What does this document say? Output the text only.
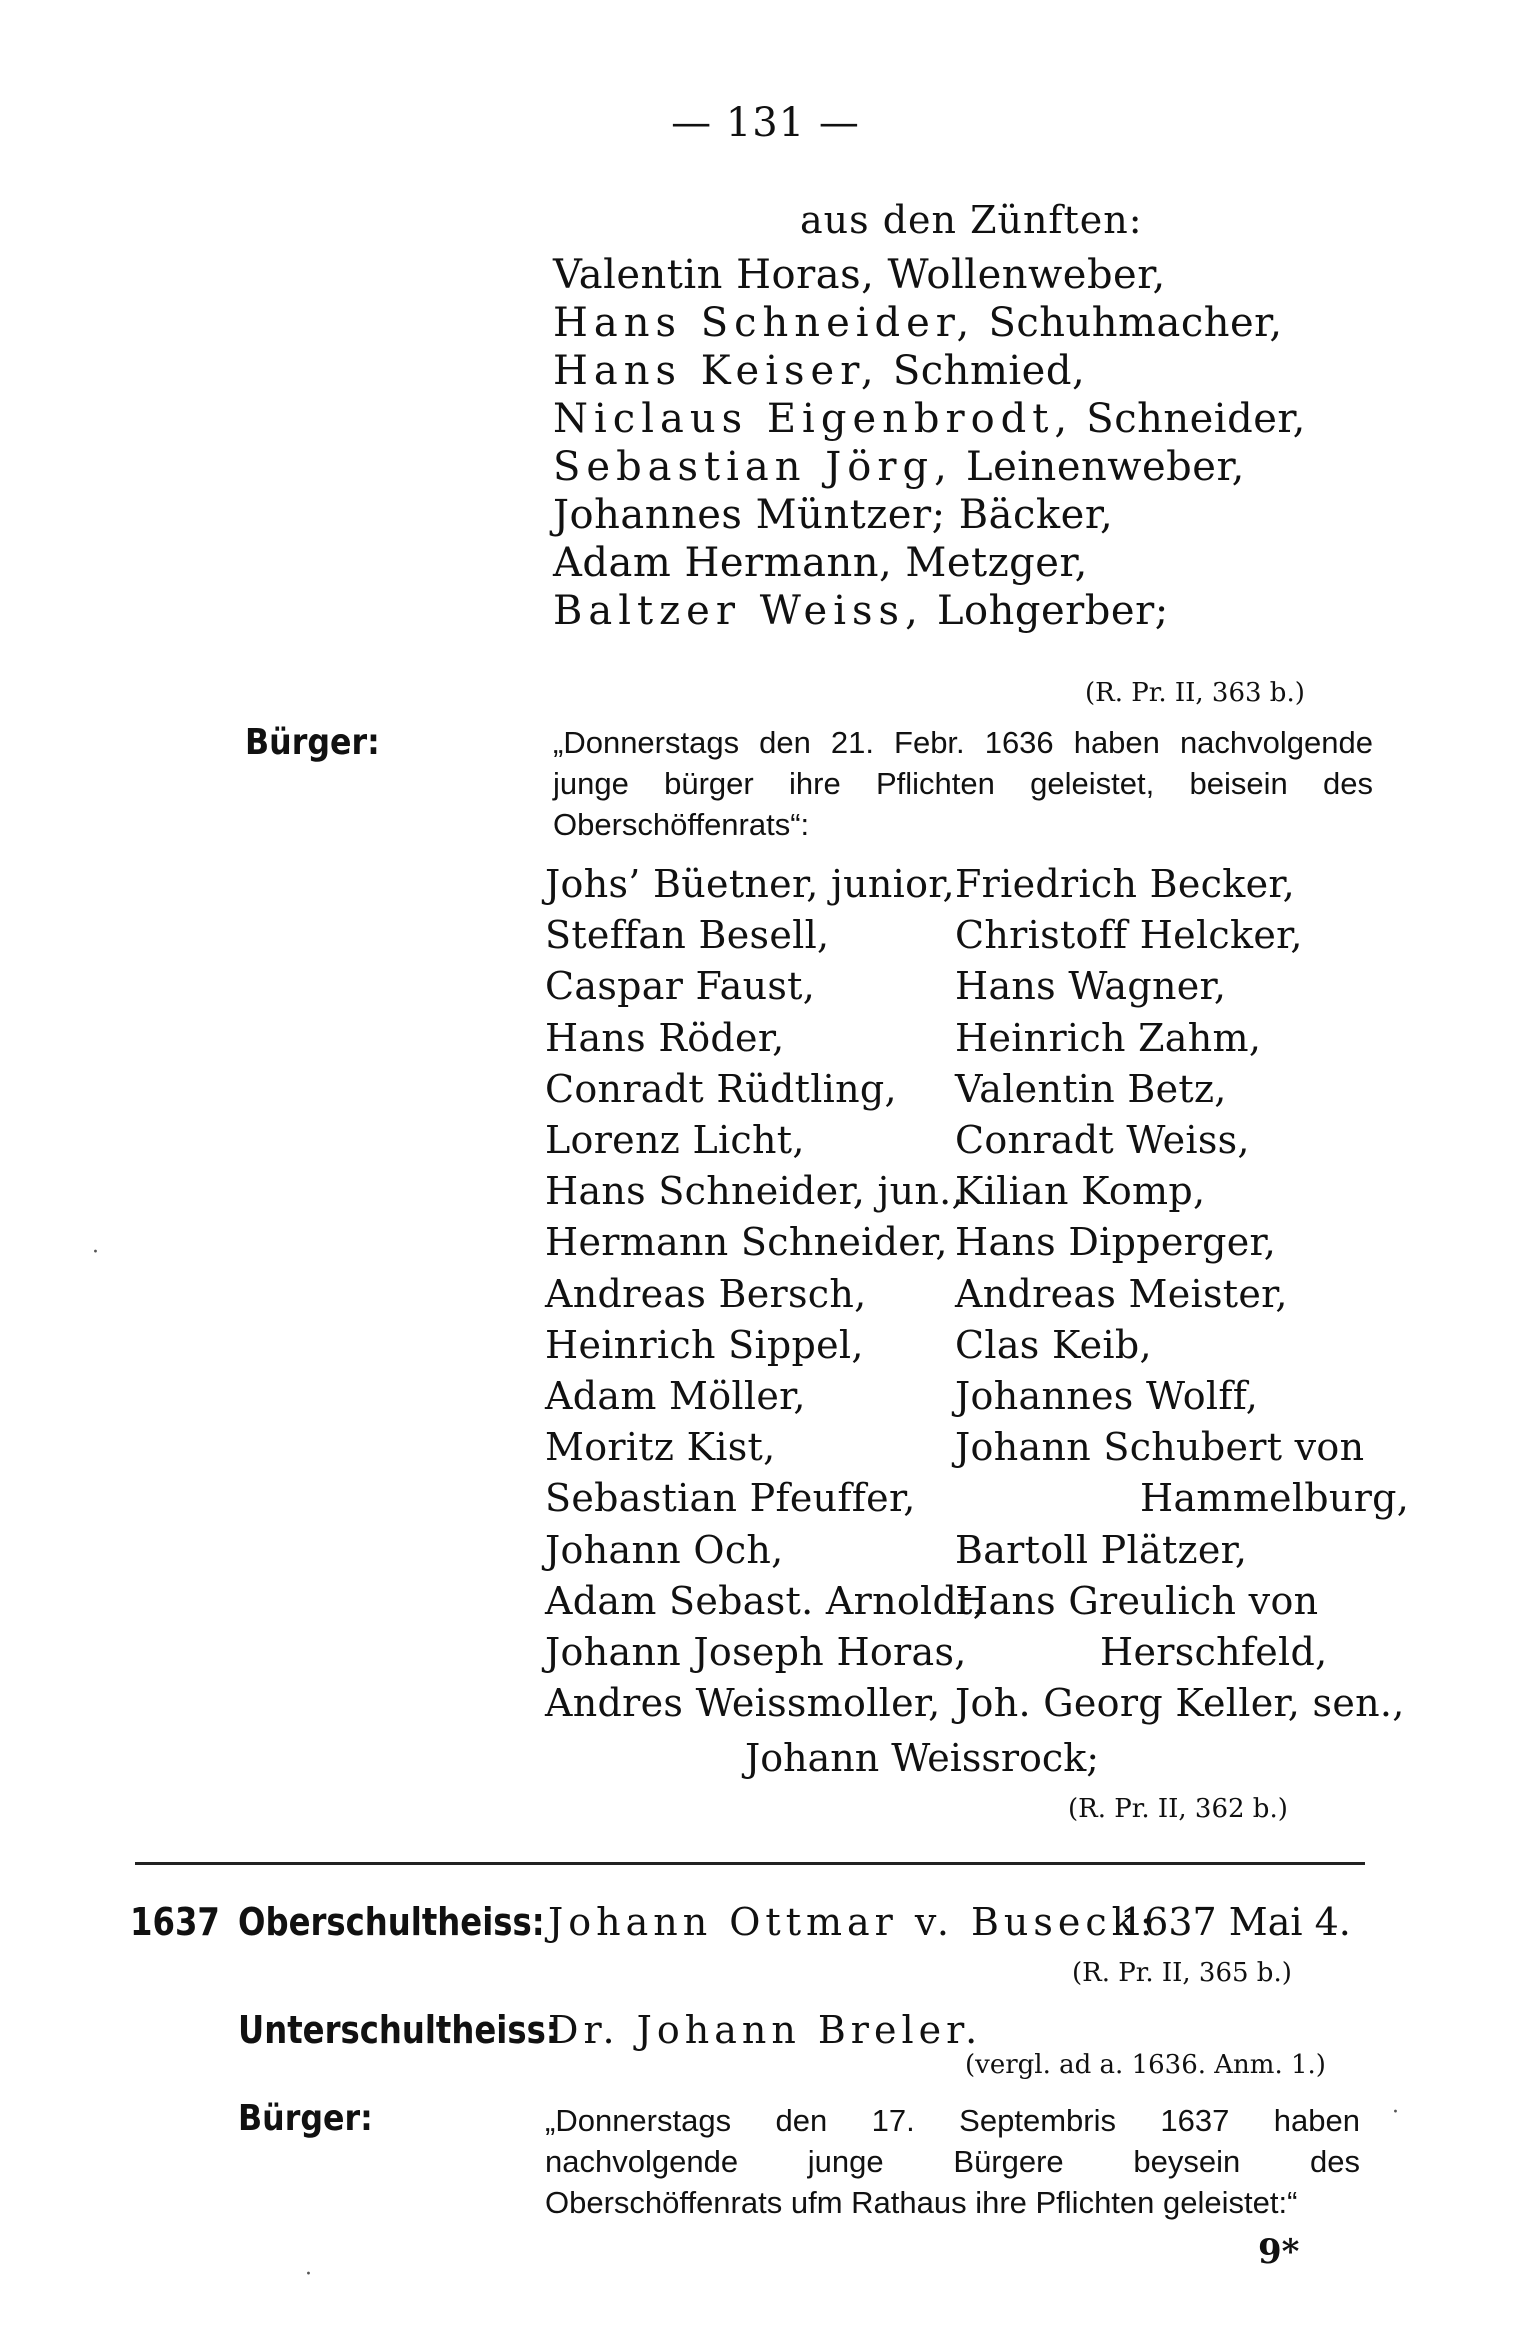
— 131 —
aus den Zünften:
Valentin Horas, Wollenweber,
Hans Schneider, Schuhmacher,
Hans Keiser, Schmied,
Niclaus Eigenbrodt, Schneider,
Sebastian Jörg, Leinenweber,
Johannes Müntzer; Bäcker,
Adam Hermann, Metzger,
Baltzer Weiss, Lohgerber;
(R. Pr. II, 363 b.)
Bürger:	„Donnerstags den 21. Febr. 1636 haben nachvolgende junge bürger ihre Pflichten geleistet, beisein des Oberschöffenrats“:
Johs’ Büetner, junior,
Steffan Besell,
Caspar Faust,
Hans Röder,
Conradt Rüdtling,
Lorenz Licht,
Hans Schneider, jun.,
Hermann Schneider,
Andreas Bersch,
Heinrich Sippel,
Adam Möller,
Moritz Kist,
Sebastian Pfeuffer,
Johann Och,
Adam Sebast. Arnoldt,
Johann Joseph Horas,
Andres Weissmoller,
Friedrich Becker,
Christoff Helcker,
Hans Wagner,
Heinrich Zahm,
Valentin Betz,
Conradt Weiss,
Kilian Komp,
Hans Dipperger,
Andreas Meister,
Clas Keib,
Johannes Wolff,
Johann Schubert von
Hammelburg,
Bartoll Plätzer,
Hans Greulich von
Herschfeld,
Joh. Georg Keller, sen.,
Johann Weissrock;
(R. Pr. II, 362 b.)
1637 Oberschultheiss: Johann Ottmar v. Buseck:
1637 Mai 4.
(R. Pr. II, 365 b.)
Unterschultheiss:
Dr. Johann Breler.
(vergl. ad a. 1636. Anm. 1.)
Bürger:	„Donnerstags den 17. Septembris 1637 haben nachvolgende junge Bürgere beysein des Oberschöffenrats ufm Rathaus ihre Pflichten geleistet:“
9*
·
·
·
